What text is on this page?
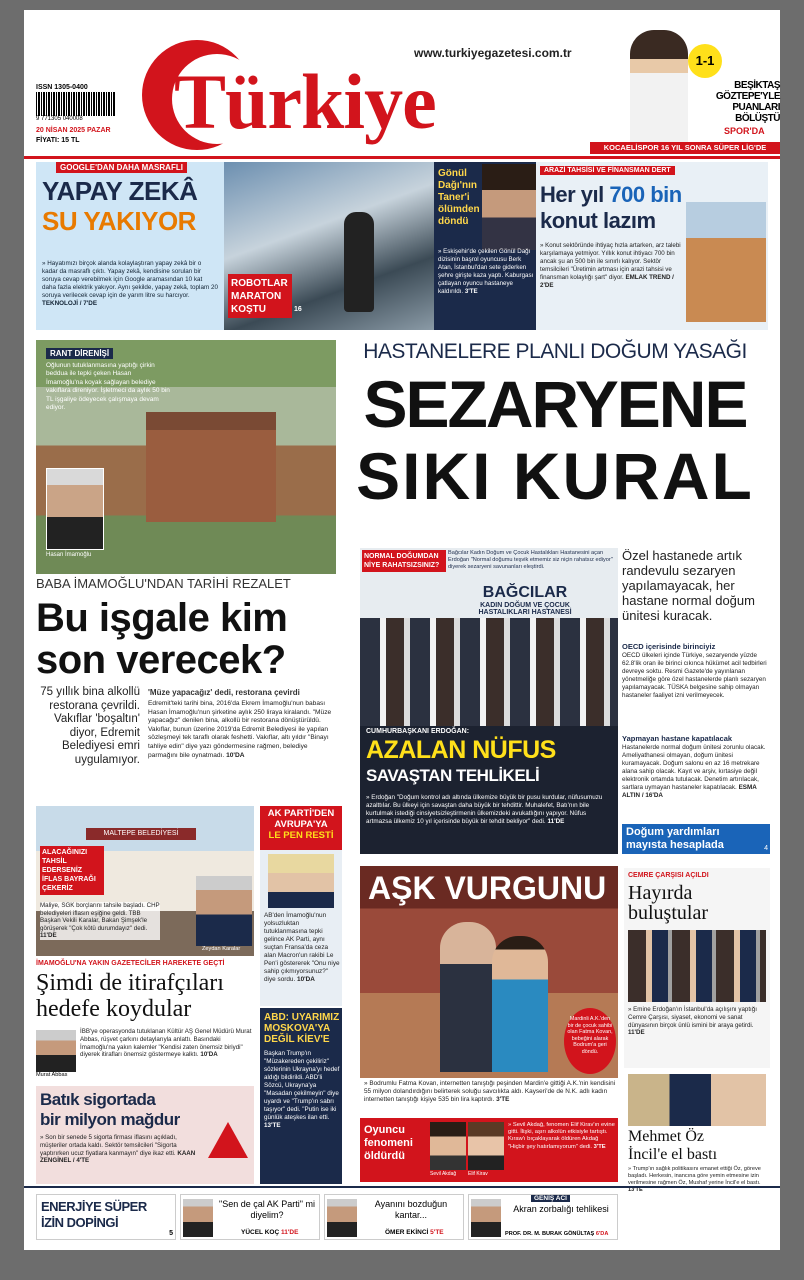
ISSN 1305-0400
9 771305 040008
20 NİSAN 2025 PAZAR
FİYATI: 15 TL
www.turkiyegazetesi.com.tr
Türkiye	1-1
BEŞİKTAŞ GÖZTEPE'YLE PUANLARI BÖLÜŞTÜ
SPOR'DA
KOCAELİSPOR 16 YIL SONRA SÜPER LİG'DE
GOOGLE'DAN DAHA MASRAFLI
YAPAY ZEKÂ
SU YAKIYOR
» Hayatımızı birçok alanda kolaylaştıran yapay zekâ bir o kadar da masraflı çıktı. Yapay zekâ, kendisine sorulan bir soruya cevap verebilmek için Google aramasından 10 kat daha fazla elektrik yakıyor. Aynı şekilde, yapay zekâ, toplam 20 soruya verilecek cevap için de yarım litre su harcıyor. TEKNOLOJİ / 7'DE
ROBOTLAR MARATON KOŞTU	16
Gönül Dağı'nın Taner'i ölümden döndü
» Eskişehir'de çekilen Gönül Dağı dizisinin başrol oyuncusu Berk Atan, İstanbul'dan sete giderken şehre girişte kaza yaptı. Kaburgası çatlayan oyuncu hastaneye kaldırıldı. 3'TE
ARAZİ TAHSİSİ VE FİNANSMAN DERT
Her yıl 700 bin
konut lazım
» Konut sektöründe ihtiyaç hızla artarken, arz talebi karşılamaya yetmiyor. Yıllık konut ihtiyacı 700 bin ancak şu an 500 bin ile sınırlı kalıyor. Sektör temsilcileri "Üretimin artması için arazi tahsisi ve finansman kolaylığı şart" diyor. EMLAK TREND / 2'DE
RANT DİRENİŞİ
Oğlunun tutuklanmasına yaptığı çirkin beddua ile tepki çeken Hasan İmamoğlu'na koyak sağlayan belediye vakıflara direniyor. İşletmeci da aylık 50 bin TL işgaliye ödeyecek çalışmaya devam ediyor.
Hasan İmamoğlu
HASTANELERE PLANLI DOĞUM YASAĞI
SEZARYENE
SIKI KURAL
BABA İMAMOĞLU'NDAN TARİHİ REZALET
Bu işgale kim
son verecek?
75 yıllık bina alkollü restorana çevrildi. Vakıflar 'boşaltın' diyor, Edremit Belediyesi emri uygulamıyor.
'Müze yapacağız' dedi, restorana çevirdi
Edremit'teki tarihi bina, 2016'da Ekrem İmamoğlu'nun babası Hasan İmamoğlu'nun şirketine aylık 250 liraya kiralandı. "Müze yapacağız" denilen bina, alkollü bir restorana dönüştürüldü. Vakıflar, bunun üzerine 2019'da Edremit Belediyesi ile yapılan sözleşmeyi tek taraflı olarak feshetti. Vakıflar, altı yıldır "Binayı tahliye edin" diye yazı göndermesine rağmen, belediye parmağını bile oynatmadı. 10'DA
NORMAL DOĞUMDAN NİYE RAHATSIZSINIZ?
Bağcılar Kadın Doğum ve Çocuk Hastalıkları Hastanesini açan Erdoğan "Normal doğumu teşvik etmemiz siz niçin rahatsız ediyor" diyerek sezaryeni savunanları eleştirdi.
BAĞCILAR
KADIN DOĞUM VE ÇOCUK HASTALIKLARI HASTANESİ
Özel hastanede artık randevulu sezaryen yapılamayacak, her hastane normal doğum ünitesi kuracak.
OECD içerisinde birinciyiz
OECD ülkeleri içinde Türkiye, sezaryende yüzde 62.8'lik oran ile birinci cıkınca hükümet acil tedbirleri devreye soktu. Resmi Gazete'de yayınlanan yönetmeliğe göre özel hastanelerde planlı sezaryen yapılamayacak. TÜSKA belgesine sahip olmayan hastaneler faaliyet izni verilmeyecek.
Yapmayan hastane kapatılacak
Hastanelerde normal doğum ünitesi zorunlu olacak. Ameliyathanesi olmayan, doğum ünitesi kuramayacak. Doğum salonu en az 16 metrekare alana sahip olacak. Kayıt ve arşiv, kırtasiye değil elektronik ortamda tutulacak. Denetim artırılacak, sartlara uymayan hastaneler kapatılacak. ESMA ALTIN / 16'DA
Doğum yardımları
mayısta hesaplada	4
CUMHURBAŞKANI ERDOĞAN:
AZALAN NÜFUS
SAVAŞTAN TEHLİKELİ
» Erdoğan "Doğum kontrol adı altında ülkemize büyük bir pusu kurdular, nüfusumuzu azalttılar. Bu ülkeyi için savaştan daha büyük bir tehdittir. Muhalefet, Batı'nın bile kurtulmak istediği cinsiyetsizleştirmenin ülkemizdeki avukatlığını yapıyor. Nüfus artmazsa ülkemiz 10 yıl içerisinde büyük bir tehdit bekliyor" dedi. 11'DE
MALTEPE BELEDİYESİ
ALACAĞINIZI TAHSİL EDERSENİZ İFLAS BAYRAĞI ÇEKERİZ
Zeydan Karalar
Maliye, SGK borçlarını tahsile başladı. CHP belediyeleri iflasın eşiğine geldi. TBB Başkan Vekili Karalar, Bakan Şimşek'le görüşerek "Çok kötü durumdayız" dedi. 11'DE
İMAMOĞLU'NA YAKIN GAZETECİLER HAREKETE GEÇTİ
Şimdi de itirafçıları
hedefe koydular
Murat Abbas
İBB'ye operasyonda tutuklanan Kültür AŞ Genel Müdürü Murat Abbas, rüşvet çarkını detaylarıyla anlattı. Basındaki İmamoğlu'na yakın kalemler "Kendisi zaten önemsiz biriydi" diyerek itirafları önemsiz göstermeye kalktı. 10'DA
Batık sigortada
bir milyon mağdur
» Son bir senede 5 sigorta firması iflasını açıkladı, müşteriler ortada kaldı. Sektör temsilcileri "Sigorta yaptırırken ucuz fiyatlara kanmayın" diye ikaz etti. KAAN ZENGİNEL / 4'TE
AK PARTİ'DEN
AVRUPA'YA
LE PEN RESTİ
AB'den İmamoğlu'nun yolsuzluktan tutuklanmasına tepki gelince AK Parti, aynı suçtan Fransa'da ceza alan Macron'un rakibi Le Pen'i göstererek "Onu niye sahip çıkmıyorsunuz?" diye sordu. 10'DA
ABD: UYARIMIZ MOSKOVA'YA DEĞİL KİEV'E
Başkan Trump'ın "Müzakereden çekiliriz" sözlerinin Ukrayna'yı hedef aldığı bildirildi. ABD'li Sözcü, Ukrayna'ya "Masadan çekilmeyin" diye uyardı ve "Trump'ın sabrı taşıyor" dedi. "Putin ise iki günlük ateşkes ilan etti. 13'TE
AŞK VURGUNU
Mardinli A.K.'den bir de çocuk sahibi olan Fatma Kovan, bebeğini alarak Bodrum'a geri döndü.
» Bodrumlu Fatma Kovan, internetten tanıştığı peşinden Mardin'e gittiği A.K.'nin kendisini 55 milyon dolandırdığını belirterek soluğu savcılıkta aldı. Kayseri'de de N.K. adlı kadın internetten tanıştığı kişiye 535 bin lira kaptırdı. 3'TE
Oyuncu fenomeni öldürdü
Sevil Akdağ Elif Kirav
» Sevil Akdağ, fenomen Elif Kirav'ın evine gitti. İlişki, aşırı alkolün etkisiyle tartıştı. Kıraw'ı bıçaklayarak öldüren Akdağ "Hiçbir şey hatırlamıyorum" dedi. 3'TE
CEMRE ÇARŞISI AÇILDI
Hayırda
buluştular
» Emine Erdoğan'ın İstanbul'da açılışını yaptığı Cemre Çarşısı, siyaset, ekonomi ve sanat dünyasının birçok ünlü ismini bir araya getirdi. 11'DE
Mehmet Öz
İncil'e el bastı
» Trump'ın sağlık politikasını emanet ettiği Öz, göreve başladı. Herkesin, inancına göre yemin etmesine izin verilmesine rağmen Öz, Mushaf yerine İncil'e el bastı. 13'TE
ENERJİYE SÜPER İZİN DOPİNGİ
5
"Sen de çal AK Parti" mi diyelim?
YÜCEL KOÇ 11'DE
Ayanını bozduğun kantar...
ÖMER EKİNCİ 5'TE
GENİŞ ACI
Akran zorbalığı tehlikesi
PROF. DR. M. BURAK GÖNÜLTAŞ 6'DA
